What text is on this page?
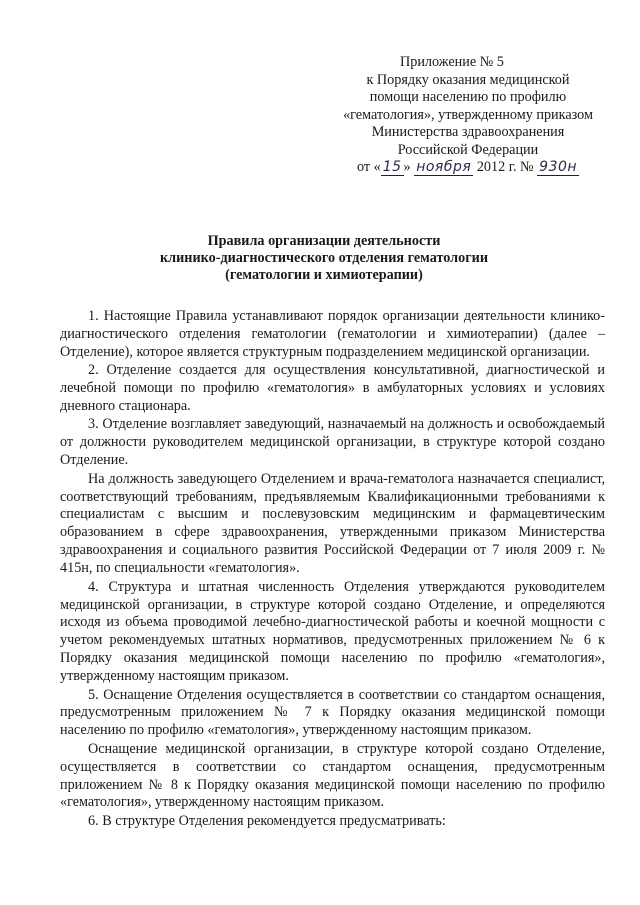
Приложение № 5
к Порядку оказания медицинской
помощи населению по профилю
«гематология», утвержденному приказом
Министерства здравоохранения
Российской Федерации
от « 15 » ноября 2012 г. № 930н
Правила организации деятельности
клинико-диагностического отделения гематологии
(гематологии и химиотерапии)

1. Настоящие Правила устанавливают порядок организации деятельности клинико-диагностического отделения гематологии (гематологии и химиотерапии) (далее – Отделение), которое является структурным подразделением медицинской организации.

2. Отделение создается для осуществления консультативной, диагностической и лечебной помощи по профилю «гематология» в амбулаторных условиях и условиях дневного стационара.

3. Отделение возглавляет заведующий, назначаемый на должность и освобождаемый от должности руководителем медицинской организации, в структуре которой создано Отделение.

На должность заведующего Отделением и врача-гематолога назначается специалист, соответствующий требованиям, предъявляемым Квалификационными требованиями к специалистам с высшим и послевузовским медицинским и фармацевтическим образованием в сфере здравоохранения, утвержденными приказом Министерства здравоохранения и социального развития Российской Федерации от 7 июля 2009 г. № 415н, по специальности «гематология».

4. Структура и штатная численность Отделения утверждаются руководителем медицинской организации, в структуре которой создано Отделение, и определяются исходя из объема проводимой лечебно-диагностической работы и коечной мощности с учетом рекомендуемых штатных нормативов, предусмотренных приложением № 6 к Порядку оказания медицинской помощи населению по профилю «гематология», утвержденному настоящим приказом.

5. Оснащение Отделения осуществляется в соответствии со стандартом оснащения, предусмотренным приложением № 7 к Порядку оказания медицинской помощи населению по профилю «гематология», утвержденному настоящим приказом.

Оснащение медицинской организации, в структуре которой создано Отделение, осуществляется в соответствии со стандартом оснащения, предусмотренным приложением № 8 к Порядку оказания медицинской помощи населению по профилю «гематология», утвержденному настоящим приказом.

6. В структуре Отделения рекомендуется предусматривать:
